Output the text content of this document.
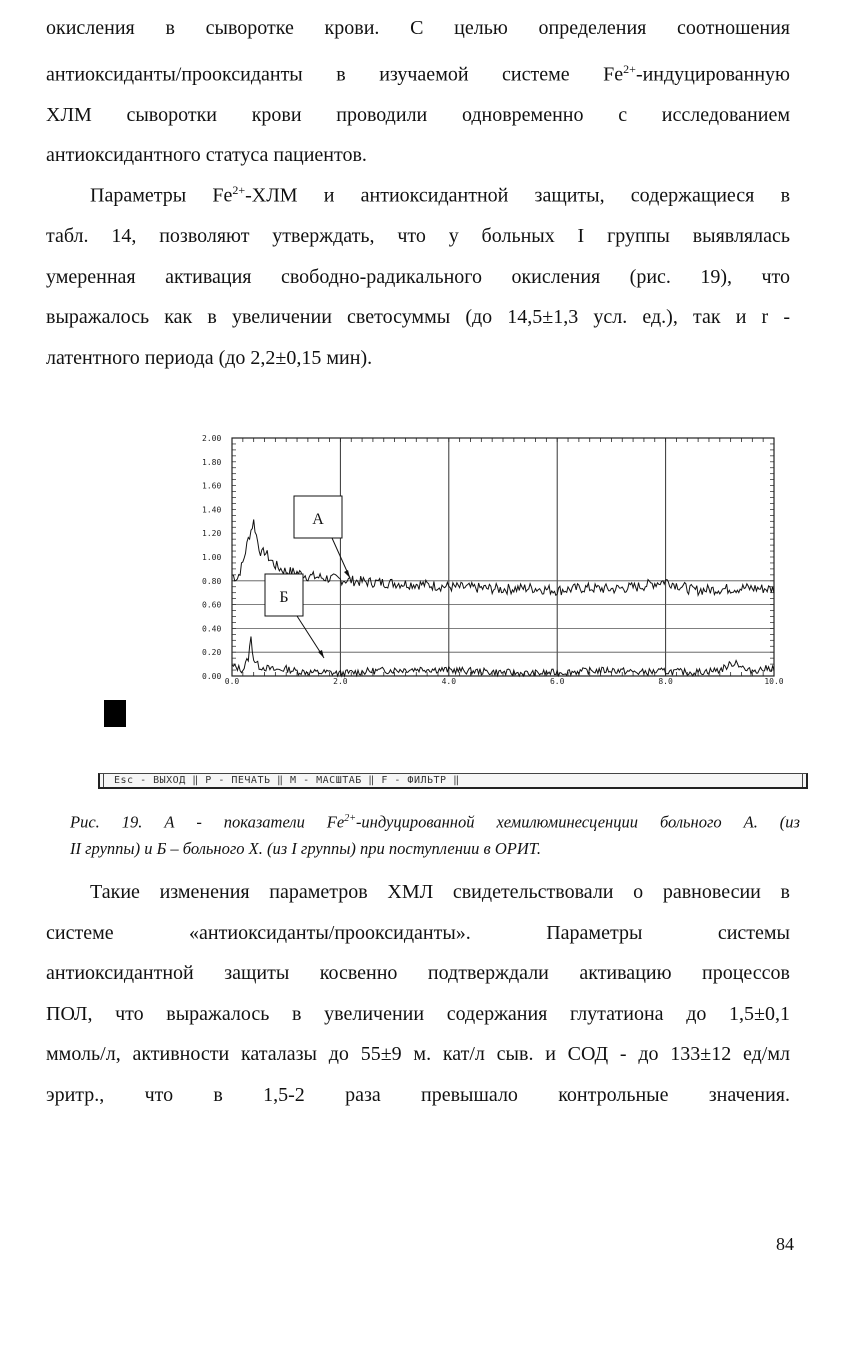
окисления в сыворотке крови. С целью определения соотношения

антиоксиданты/прооксиданты в изучаемой системе $Fe^{2+}$-индуцированную

ХЛМ сыворотки крови проводили одновременно с исследованием

антиоксидантного статуса пациентов.

Параметры $Fe^{2+}$-ХЛМ и антиоксидантной защиты, содержащиеся в

табл. 14, позволяют утверждать, что у больных I группы выявлялась

умеренная активация свободно-радикального окисления (рис. 19), что

выражалось как в увеличении светосуммы (до 14,5±1,3 усл. ед.), так и r -

латентного периода (до 2,2±0,15 мин).

2.00
1.80
1.60
1.40
1.20
1.00
0.80
0.60
0.40
0.20
0.00
0.0	2.0	4.0	6.0	8.0	10.0
А
Б
Esc - ВЫХОД ‖ Р - ПЕЧАТЬ ‖ М - МАСШТАБ ‖ F - ФИЛЬТР ‖
Рис. 19. А - показатели $Fe^{2+}$-индуцированной хемилюминесценции больного А. (из
II группы) и Б – больного Х. (из I группы) при поступлении в ОРИТ.

Такие изменения параметров ХМЛ свидетельствовали о равновесии в

системе «антиоксиданты/прооксиданты». Параметры системы

антиоксидантной защиты косвенно подтверждали активацию процессов

ПОЛ, что выражалось в увеличении содержания глутатиона до 1,5±0,1

ммоль/л, активности каталазы до 55±9 м. кат/л сыв. и СОД - до 133±12 ед/мл

эритр., что в 1,5-2 раза превышало контрольные значения.

84
